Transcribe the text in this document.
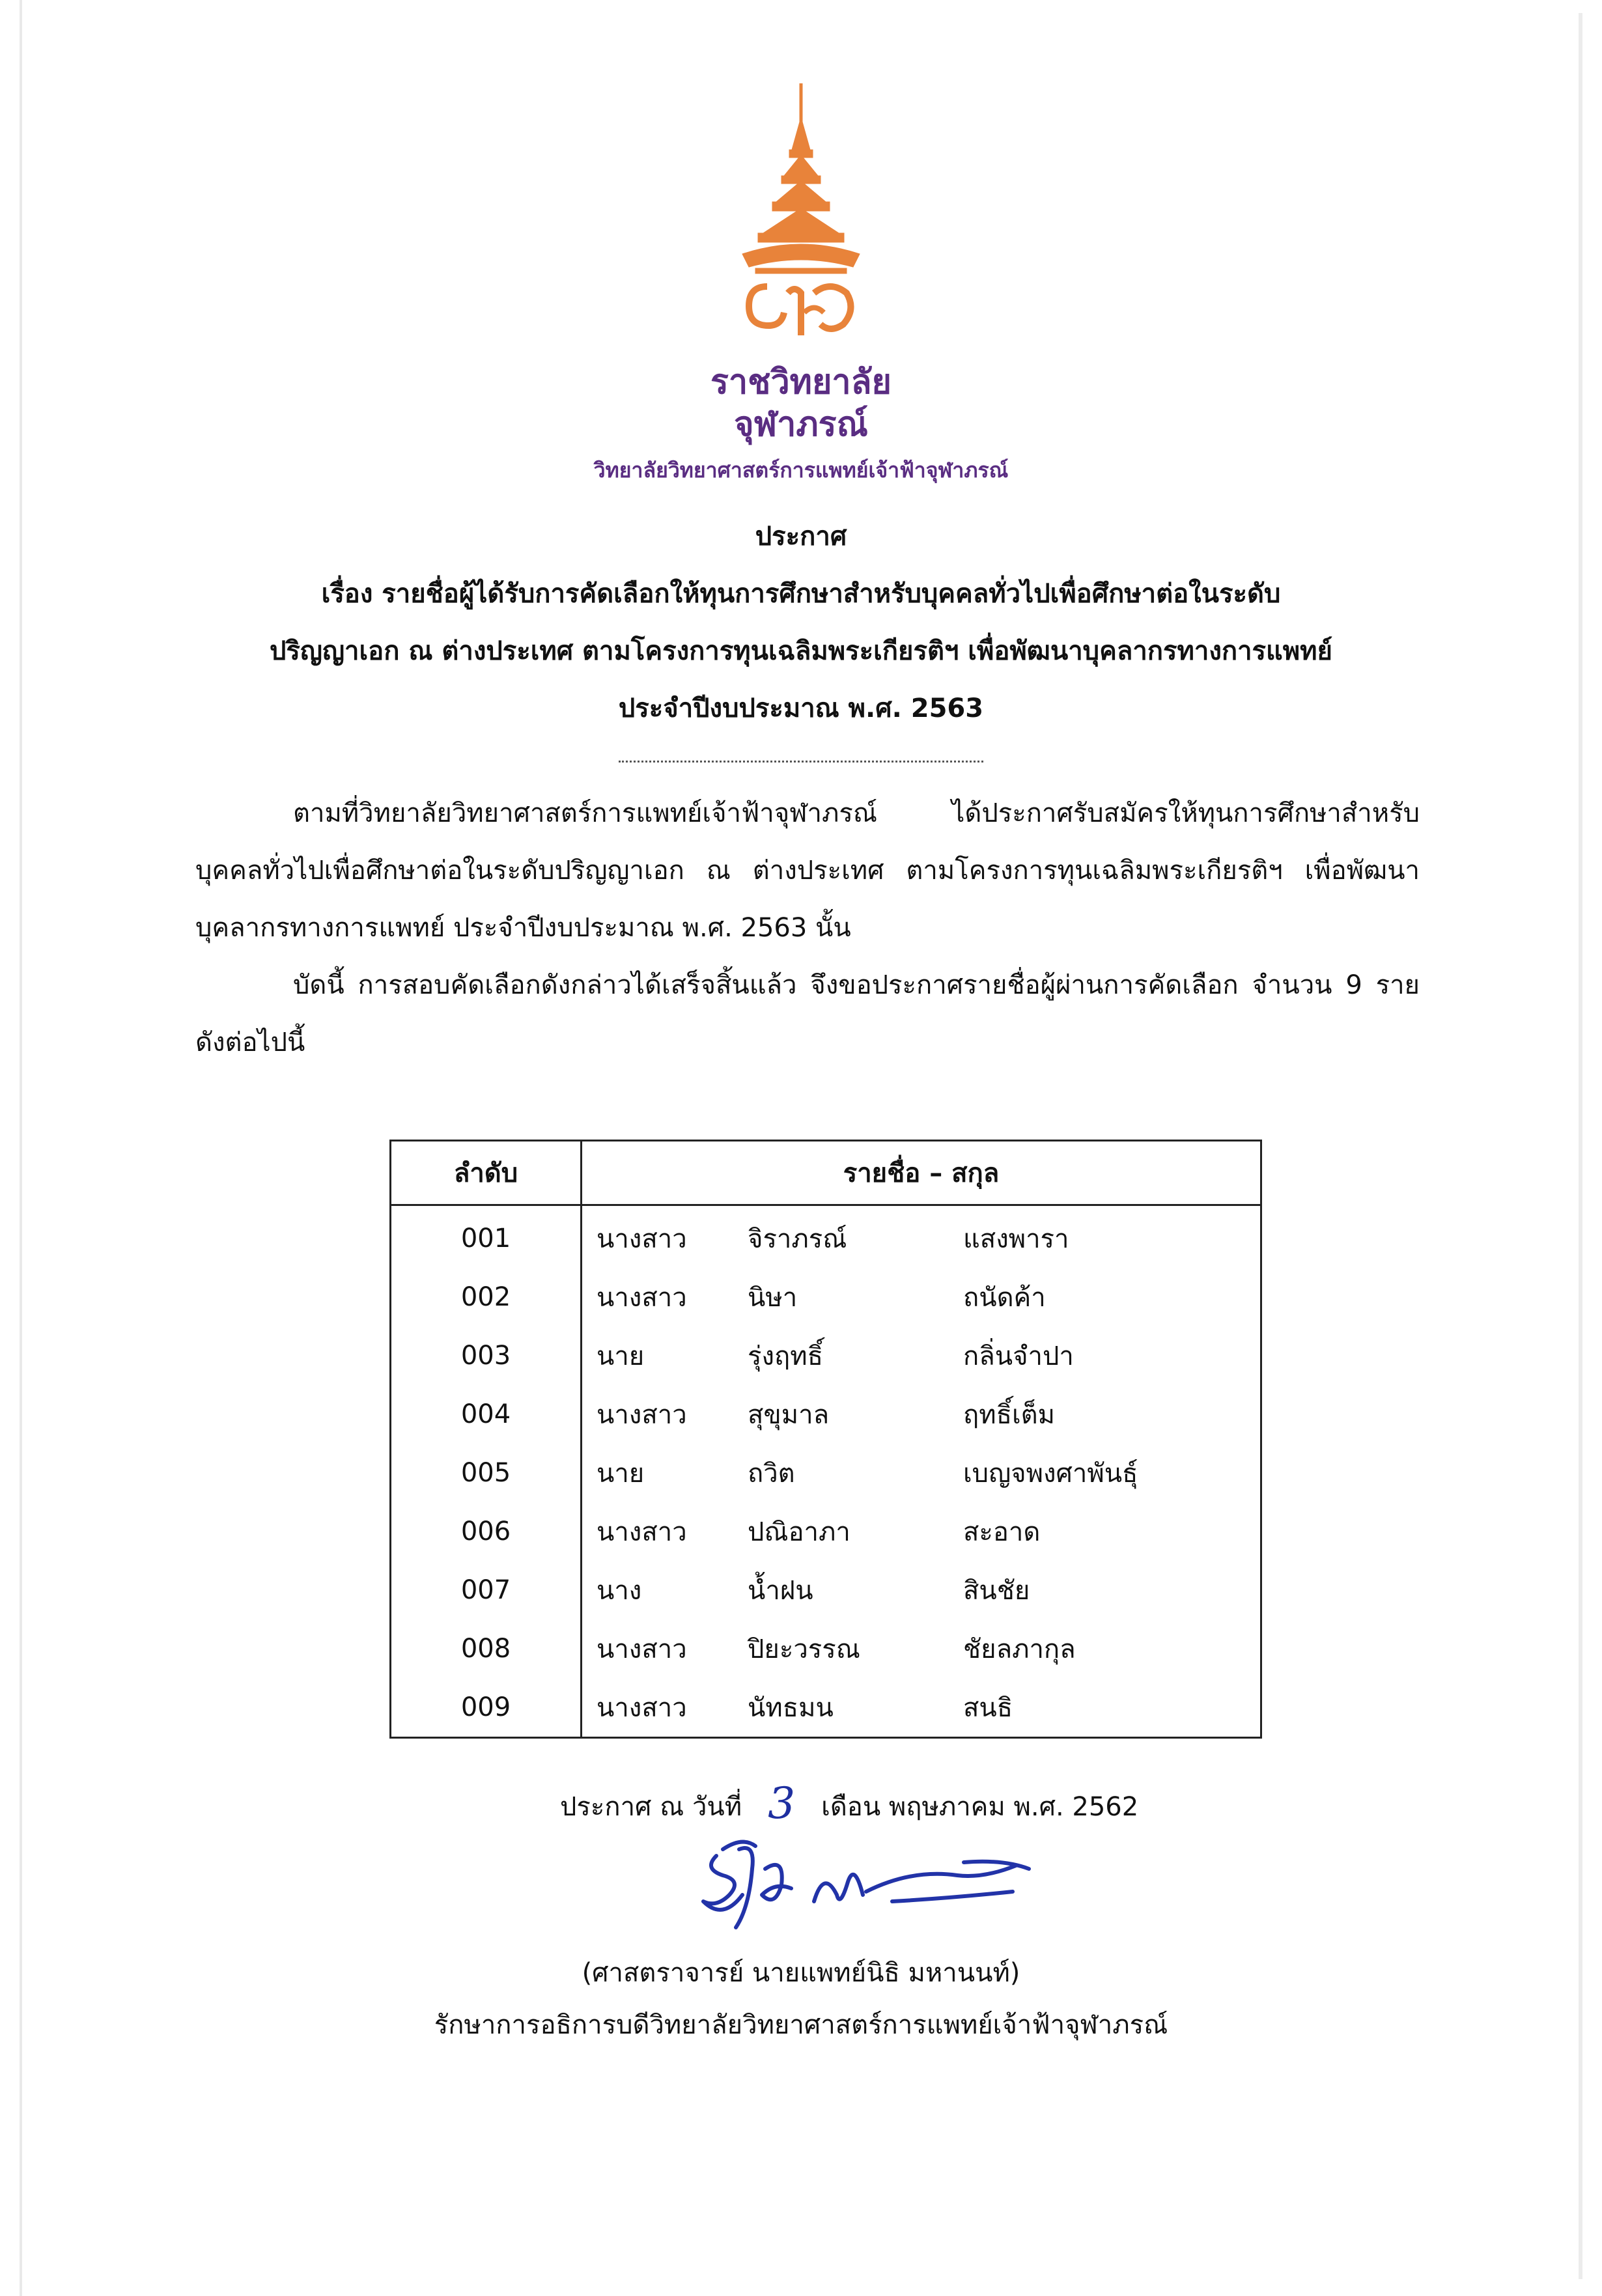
ราชวิทยาลัย
จุฬาภรณ์
วิทยาลัยวิทยาศาสตร์การแพทย์เจ้าฟ้าจุฬาภรณ์
ประกาศ
เรื่อง รายชื่อผู้ได้รับการคัดเลือกให้ทุนการศึกษาสำหรับบุคคลทั่วไปเพื่อศึกษาต่อในระดับ
ปริญญาเอก ณ ต่างประเทศ ตามโครงการทุนเฉลิมพระเกียรติฯ เพื่อพัฒนาบุคลากรทางการแพทย์
ประจำปีงบประมาณ พ.ศ. 2563
ตามที่วิทยาลัยวิทยาศาสตร์การแพทย์เจ้าฟ้าจุฬาภรณ์ ได้ประกาศรับสมัครให้ทุนการศึกษาสำหรับบุคคลทั่วไปเพื่อศึกษาต่อในระดับปริญญาเอก ณ ต่างประเทศ ตามโครงการทุนเฉลิมพระเกียรติฯ เพื่อพัฒนาบุคลากรทางการแพทย์ ประจำปีงบประมาณ พ.ศ. 2563 นั้น
บัดนี้ การสอบคัดเลือกดังกล่าวได้เสร็จสิ้นแล้ว จึงขอประกาศรายชื่อผู้ผ่านการคัดเลือก จำนวน 9 ราย ดังต่อไปนี้
ลำดับ	รายชื่อ – สกุล		
001	นางสาว	จิราภรณ์	แสงพารา
002	นางสาว	นิษา	ถนัดค้า
003	นาย	รุ่งฤทธิ์	กลิ่นจำปา
004	นางสาว	สุขุมาล	ฤทธิ์เต็ม
005	นาย	ถวิต	เบญจพงศาพันธุ์
006	นางสาว	ปณิอาภา	สะอาด
007	นาง	น้ำฝน	สินชัย
008	นางสาว	ปิยะวรรณ	ชัยลภากุล
009	นางสาว	นัทธมน	สนธิ
ประกาศ ณ วันที่ 3 เดือน พฤษภาคม พ.ศ. 2562
(ศาสตราจารย์ นายแพทย์นิธิ มหานนท์)
รักษาการอธิการบดีวิทยาลัยวิทยาศาสตร์การแพทย์เจ้าฟ้าจุฬาภรณ์
